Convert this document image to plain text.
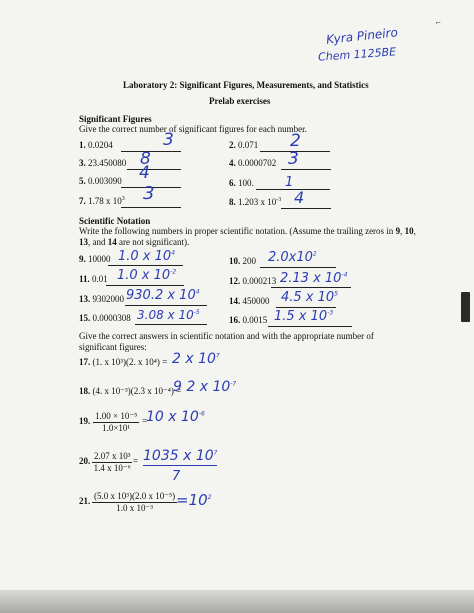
⌐
Kyra Pineiro
Chem 1125BE
Laboratory 2: Significant Figures, Measurements, and Statistics
Prelab exercises
Significant Figures
Give the correct number of significant figures for each number.
1. 0.0204	3	2. 0.071 2
3. 23.450080 8	4. 0.0000702 3
5. 0.003090 4	6. 100. 1
7. 1.78 x $10^3$ 3	8. 1.203 x $10^{-3}$ 4
Scientific Notation
Write the following numbers in proper scientific notation. (Assume the trailing zeros in 9, 10,
13, and 14 are not significant).
9. 10000 1.0 x $10^4$
10. 200 $2.0x10^2$
11. 0.01 1.0 x $10^{-2}$
12. 0.000213 2.13 x $10^{-4}$
13. 9302000 930.2 x $10^4$
14. 450000 4.5 x $10^5$
15. 0.0000308 3.08 x $10^{-5}$
16. 0.0015 1.5 x $10^{-3}$
Give the correct answers in scientific notation and with the appropriate number of significant figures:
17. (1. x 10³)(2. x 10⁴) = 2 x $10^7$
18. (4. x 10⁻³)(2.3 x 10⁻⁴) =
9 2 x $10^{-7}$
19. $\frac{\text{1.00 × 10⁻⁵}}{\text{1.0×10¹}}$ =
10 x $10^{-6}$
20. $\frac{\text{2.07 x 10³}}{\text{1.4 x 10⁻⁶}} = 1035$ x $10^7$
7
21. $\frac{\text{(5.0 x 10³)(2.0 x 10⁻⁵)}}{\text{1.0 x 10⁻³}}$
$=10^2$
